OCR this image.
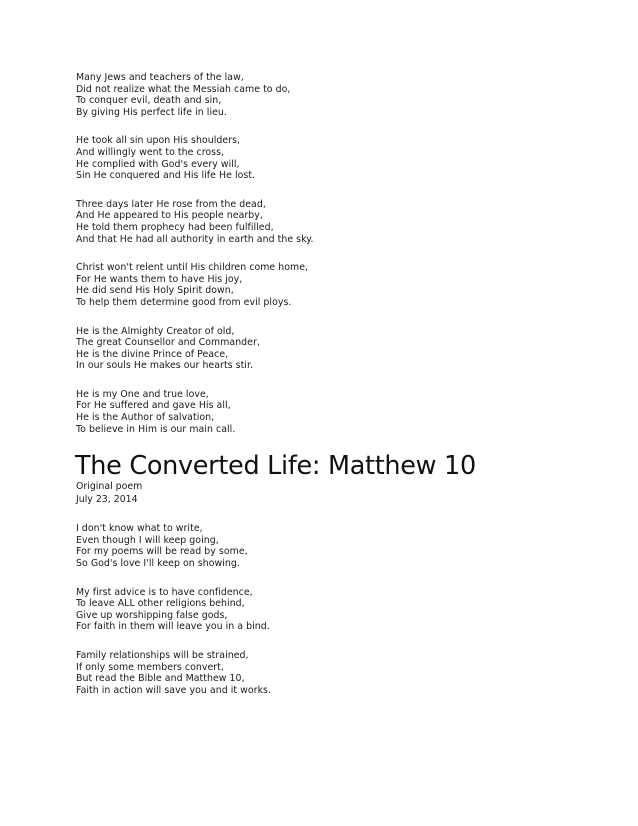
Many Jews and teachers of the law,
Did not realize what the Messiah came to do,
To conquer evil, death and sin,
By giving His perfect life in lieu.
He took all sin upon His shoulders,
And willingly went to the cross,
He complied with God's every will,
Sin He conquered and His life He lost.
Three days later He rose from the dead,
And He appeared to His people nearby,
He told them prophecy had been fulfilled,
And that He had all authority in earth and the sky.
Christ won't relent until His children come home,
For He wants them to have His joy,
He did send His Holy Spirit down,
To help them determine good from evil ploys.
He is the Almighty Creator of old,
The great Counsellor and Commander,
He is the divine Prince of Peace,
In our souls He makes our hearts stir.
He is my One and true love,
For He suffered and gave His all,
He is the Author of salvation,
To believe in Him is our main call.
The Converted Life: Matthew 10
Original poem
July 23, 2014
I don't know what to write,
Even though I will keep going,
For my poems will be read by some,
So God's love I'll keep on showing.
My first advice is to have confidence,
To leave ALL other religions behind,
Give up worshipping false gods,
For faith in them will leave you in a bind.
Family relationships will be strained,
If only some members convert,
But read the Bible and Matthew 10,
Faith in action will save you and it works.
